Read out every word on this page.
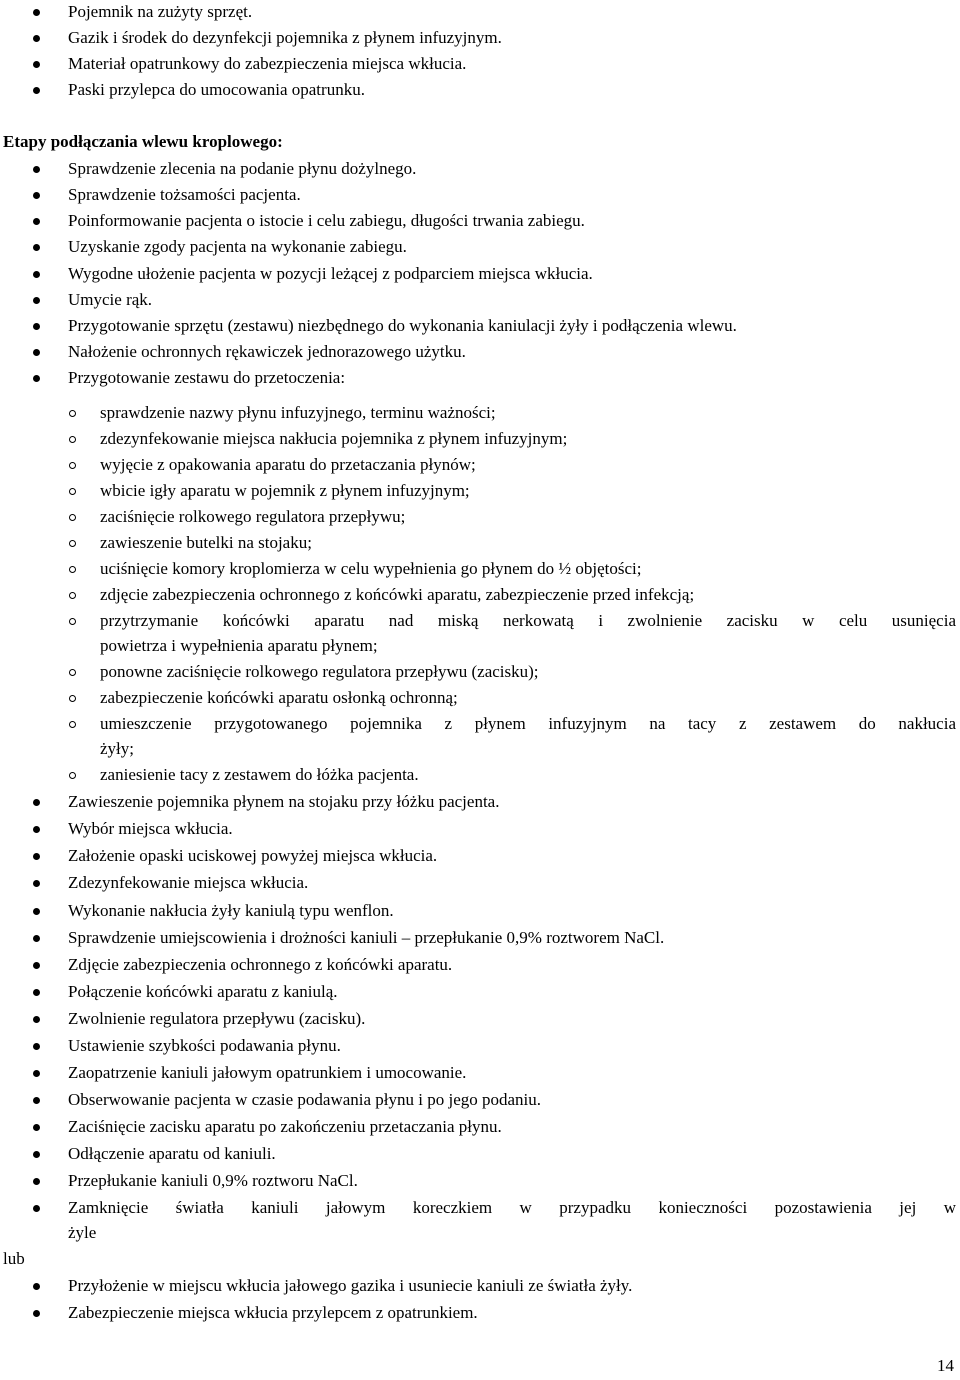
Pojemnik na zużyty sprzęt.
Gazik i środek do dezynfekcji pojemnika z płynem infuzyjnym.
Materiał opatrunkowy do zabezpieczenia miejsca wkłucia.
Paski przylepca do umocowania opatrunku.
Etapy podłączania wlewu kroplowego:
Sprawdzenie zlecenia na podanie płynu dożylnego.
Sprawdzenie tożsamości pacjenta.
Poinformowanie pacjenta o istocie i celu zabiegu, długości trwania zabiegu.
Uzyskanie zgody pacjenta na wykonanie zabiegu.
Wygodne ułożenie pacjenta w pozycji leżącej z podparciem miejsca wkłucia.
Umycie rąk.
Przygotowanie sprzętu (zestawu) niezbędnego do wykonania kaniulacji żyły i podłączenia wlewu.
Nałożenie ochronnych rękawiczek jednorazowego użytku.
Przygotowanie zestawu do przetoczenia:
sprawdzenie nazwy płynu infuzyjnego, terminu ważności;
zdezynfekowanie miejsca nakłucia pojemnika z płynem infuzyjnym;
wyjęcie z opakowania aparatu do przetaczania płynów;
wbicie igły aparatu w pojemnik z płynem infuzyjnym;
zaciśnięcie rolkowego regulatora przepływu;
zawieszenie butelki na stojaku;
uciśnięcie komory kroplomierza w celu wypełnienia go płynem do ½ objętości;
zdjęcie zabezpieczenia ochronnego z końcówki aparatu, zabezpieczenie przed infekcją;
przytrzymanie końcówki aparatu nad miską nerkowatą i zwolnienie zacisku w celu usunięcia
powietrza i wypełnienia aparatu płynem;
ponowne zaciśnięcie rolkowego regulatora przepływu (zacisku);
zabezpieczenie końcówki aparatu osłonką ochronną;
umieszczenie przygotowanego pojemnika z płynem infuzyjnym na tacy z zestawem do nakłucia
żyły;
zaniesienie tacy z zestawem do łóżka pacjenta.
Zawieszenie pojemnika płynem na stojaku przy łóżku pacjenta.
Wybór miejsca wkłucia.
Założenie opaski uciskowej powyżej miejsca wkłucia.
Zdezynfekowanie miejsca wkłucia.
Wykonanie nakłucia żyły kaniulą typu wenflon.
Sprawdzenie umiejscowienia i drożności kaniuli – przepłukanie 0,9% roztworem NaCl.
Zdjęcie zabezpieczenia ochronnego z końcówki aparatu.
Połączenie końcówki aparatu z kaniulą.
Zwolnienie regulatora przepływu (zacisku).
Ustawienie szybkości podawania płynu.
Zaopatrzenie kaniuli jałowym opatrunkiem i umocowanie.
Obserwowanie pacjenta w czasie podawania płynu i po jego podaniu.
Zaciśnięcie zacisku aparatu po zakończeniu przetaczania płynu.
Odłączenie aparatu od kaniuli.
Przepłukanie kaniuli 0,9% roztworu NaCl.
Zamknięcie światła kaniuli jałowym koreczkiem w przypadku konieczności pozostawienia jej w
żyle
lub
Przyłożenie w miejscu wkłucia jałowego gazika i usuniecie kaniuli ze światła żyły.
Zabezpieczenie miejsca wkłucia przylepcem z opatrunkiem.
14
